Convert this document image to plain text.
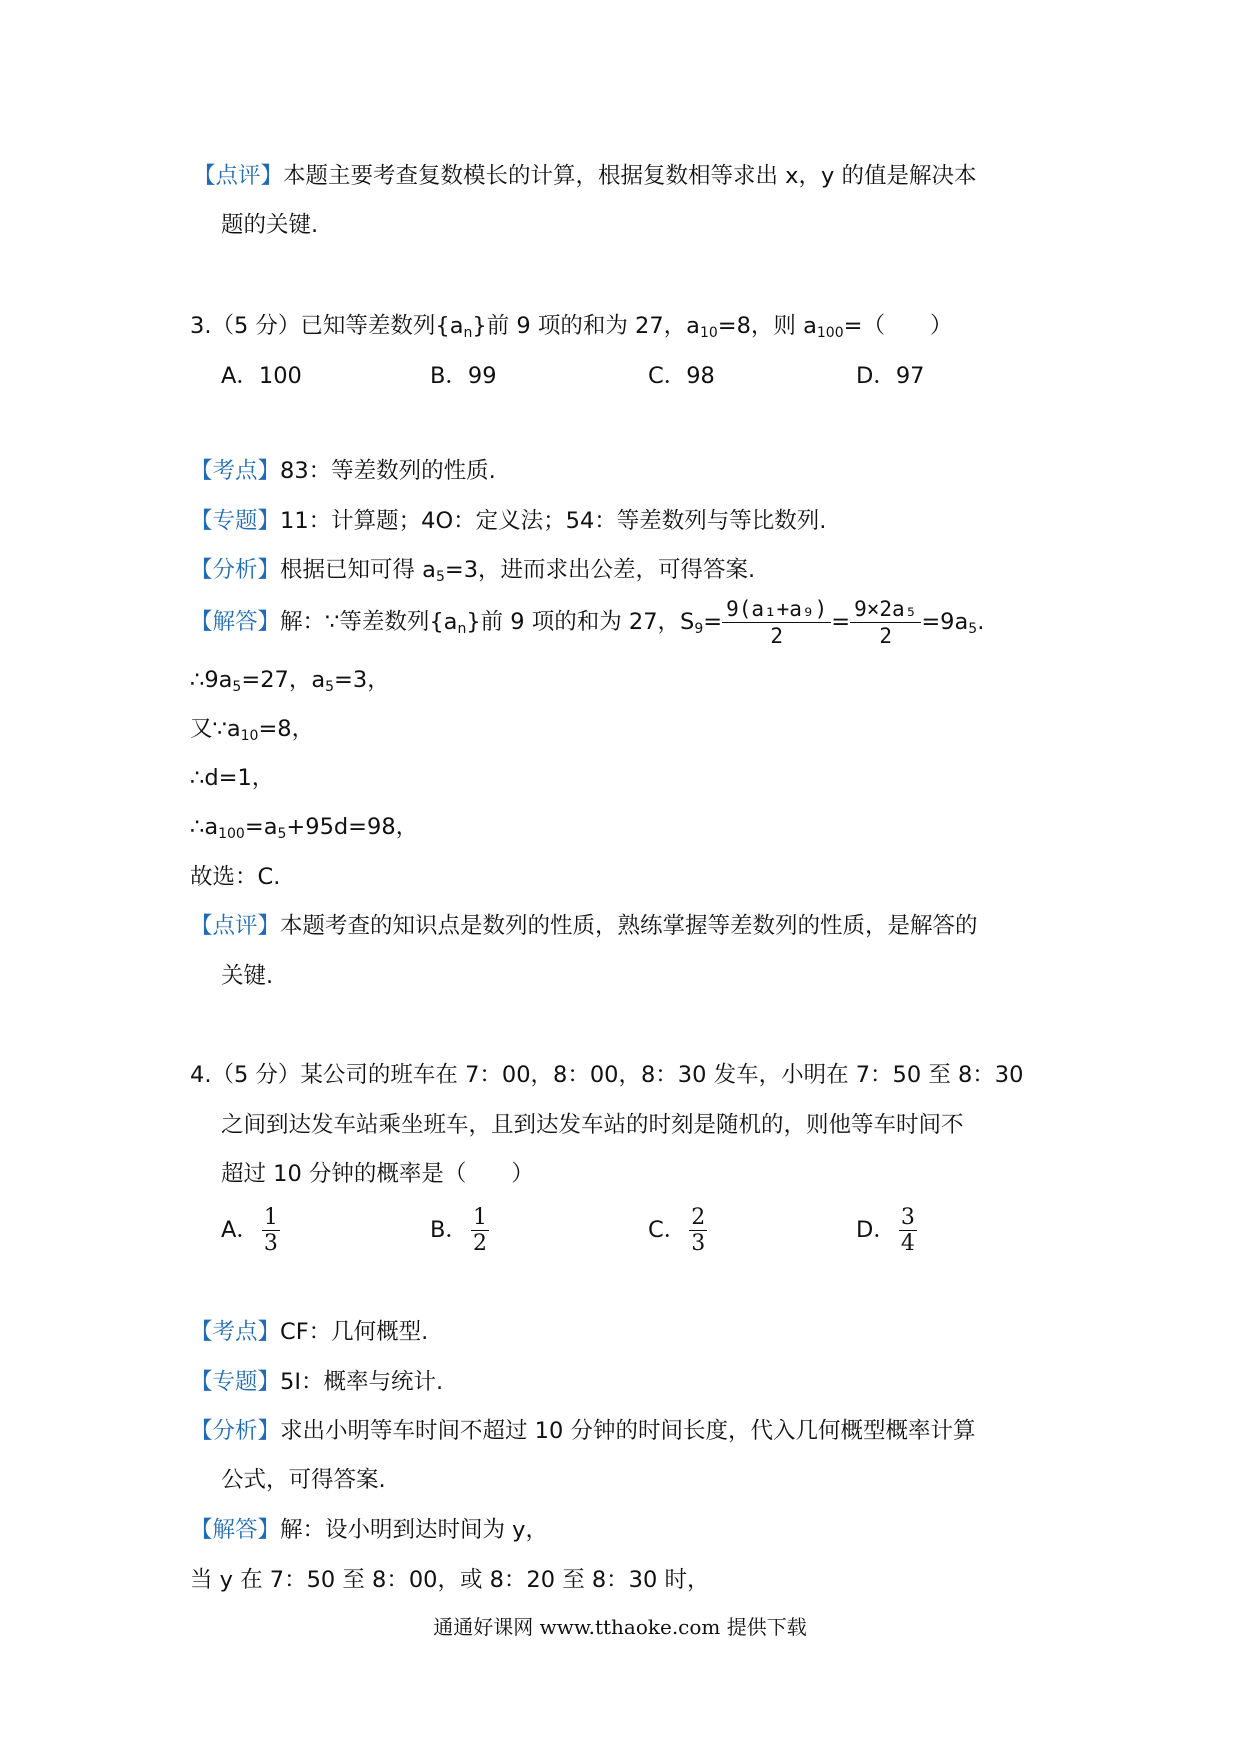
【点评】本题主要考查复数模长的计算，根据复数相等求出 x，y 的值是解决本
题的关键.
3.（5 分）已知等差数列$\{a_n\}$前 9 项的和为 27，$a_{10}=8$，则 $a_{100}=$（　　）
A．100	B．99	C．98	D．97
【考点】83：等差数列的性质.
【专题】11：计算题；4O：定义法；54：等差数列与等比数列.
【分析】根据已知可得 $a_5=3$，进而求出公差，可得答案.
【解答】解：∵等差数列$\{a_n\}$前 9 项的和为 27，$S_9= \frac{\text{9(a₁+a₉)}}{2} = \frac{\text{9×2a₅}}{2} =9a_5$.
$\therefore 9a_5=27$，$a_5=3$，
又$\because a_{10}=8$，
∴d=1，
$\therefore a_{100}=a_5+95d=98$，
故选：C.
【点评】本题考查的知识点是数列的性质，熟练掌握等差数列的性质，是解答的
关键.
4.（5 分）某公司的班车在 7：00，8：00，8：30 发车，小明在 7：50 至 8：30
之间到达发车站乘坐班车，且到达发车站的时刻是随机的，则他等车时间不
超过 10 分钟的概率是（　　）
A． $\frac{1}{3}$	B． $\frac{1}{2}$	C． $\frac{2}{3}$	D． $\frac{3}{4}$
【考点】CF：几何概型.
【专题】5I：概率与统计.
【分析】求出小明等车时间不超过 10 分钟的时间长度，代入几何概型概率计算
公式，可得答案.
【解答】解：设小明到达时间为 y，
当 y 在 7：50 至 8：00，或 8：20 至 8：30 时，
通通好课网 www.tthaoke.com 提供下载
